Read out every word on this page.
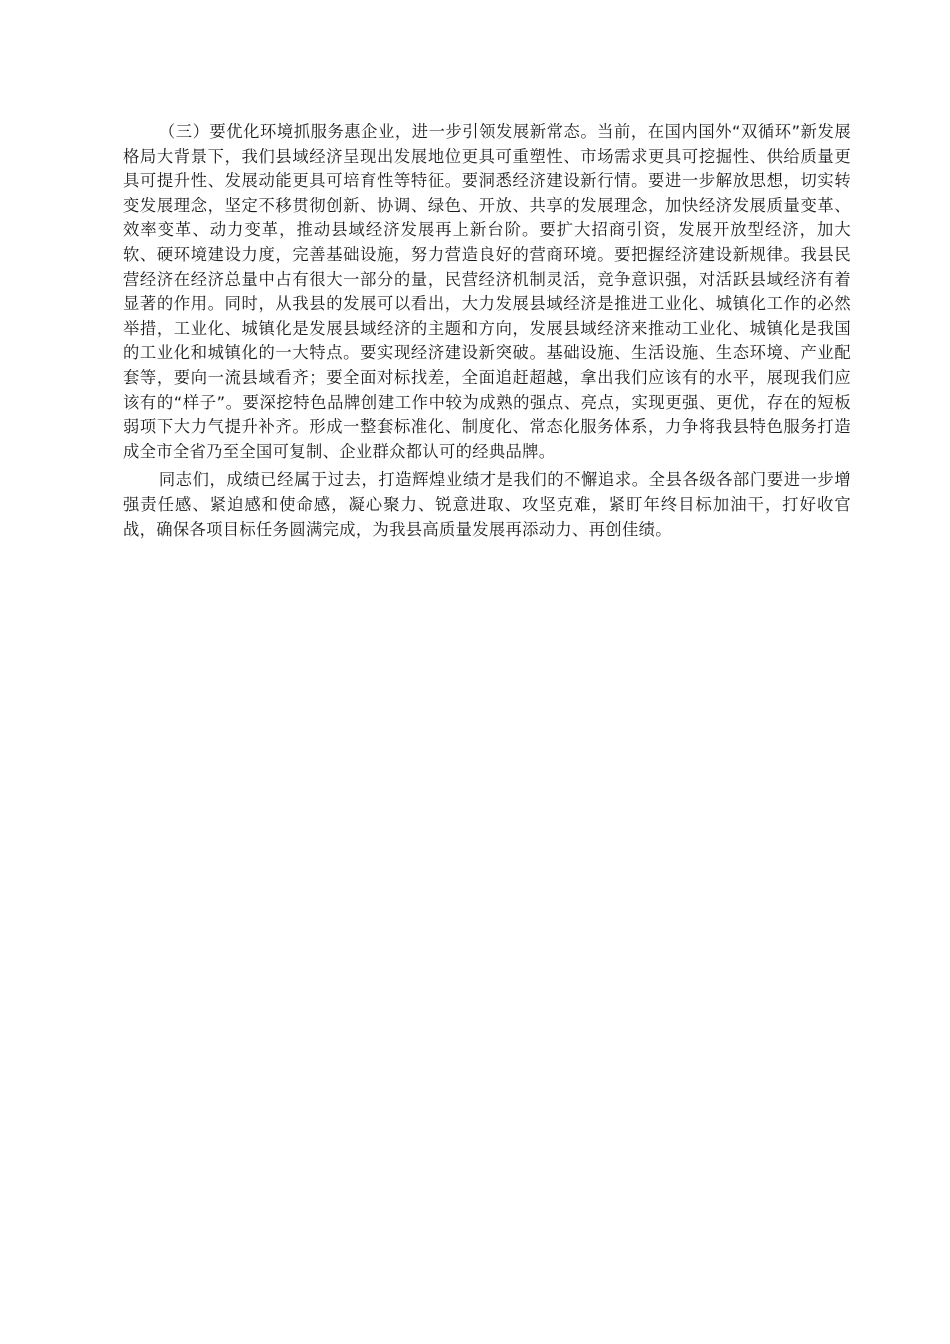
（三）要优化环境抓服务惠企业，进一步引领发展新常态。当前，在国内国外“双循环”新发展格局大背景下，我们县域经济呈现出发展地位更具可重塑性、市场需求更具可挖掘性、供给质量更具可提升性、发展动能更具可培育性等特征。要洞悉经济建设新行情。要进一步解放思想，切实转变发展理念，坚定不移贯彻创新、协调、绿色、开放、共享的发展理念，加快经济发展质量变革、效率变革、动力变革，推动县域经济发展再上新台阶。要扩大招商引资，发展开放型经济，加大软、硬环境建设力度，完善基础设施，努力营造良好的营商环境。要把握经济建设新规律。我县民营经济在经济总量中占有很大一部分的量，民营经济机制灵活，竞争意识强，对活跃县域经济有着显著的作用。同时，从我县的发展可以看出，大力发展县域经济是推进工业化、城镇化工作的必然举措，工业化、城镇化是发展县域经济的主题和方向，发展县域经济来推动工业化、城镇化是我国的工业化和城镇化的一大特点。要实现经济建设新突破。基础设施、生活设施、生态环境、产业配套等，要向一流县域看齐；要全面对标找差，全面追赶超越，拿出我们应该有的水平，展现我们应该有的“样子”。要深挖特色品牌创建工作中较为成熟的强点、亮点，实现更强、更优，存在的短板弱项下大力气提升补齐。形成一整套标准化、制度化、常态化服务体系，力争将我县特色服务打造成全市全省乃至全国可复制、企业群众都认可的经典品牌。

同志们，成绩已经属于过去，打造辉煌业绩才是我们的不懈追求。全县各级各部门要进一步增强责任感、紧迫感和使命感，凝心聚力、锐意进取、攻坚克难，紧盯年终目标加油干，打好收官战，确保各项目标任务圆满完成，为我县高质量发展再添动力、再创佳绩。
